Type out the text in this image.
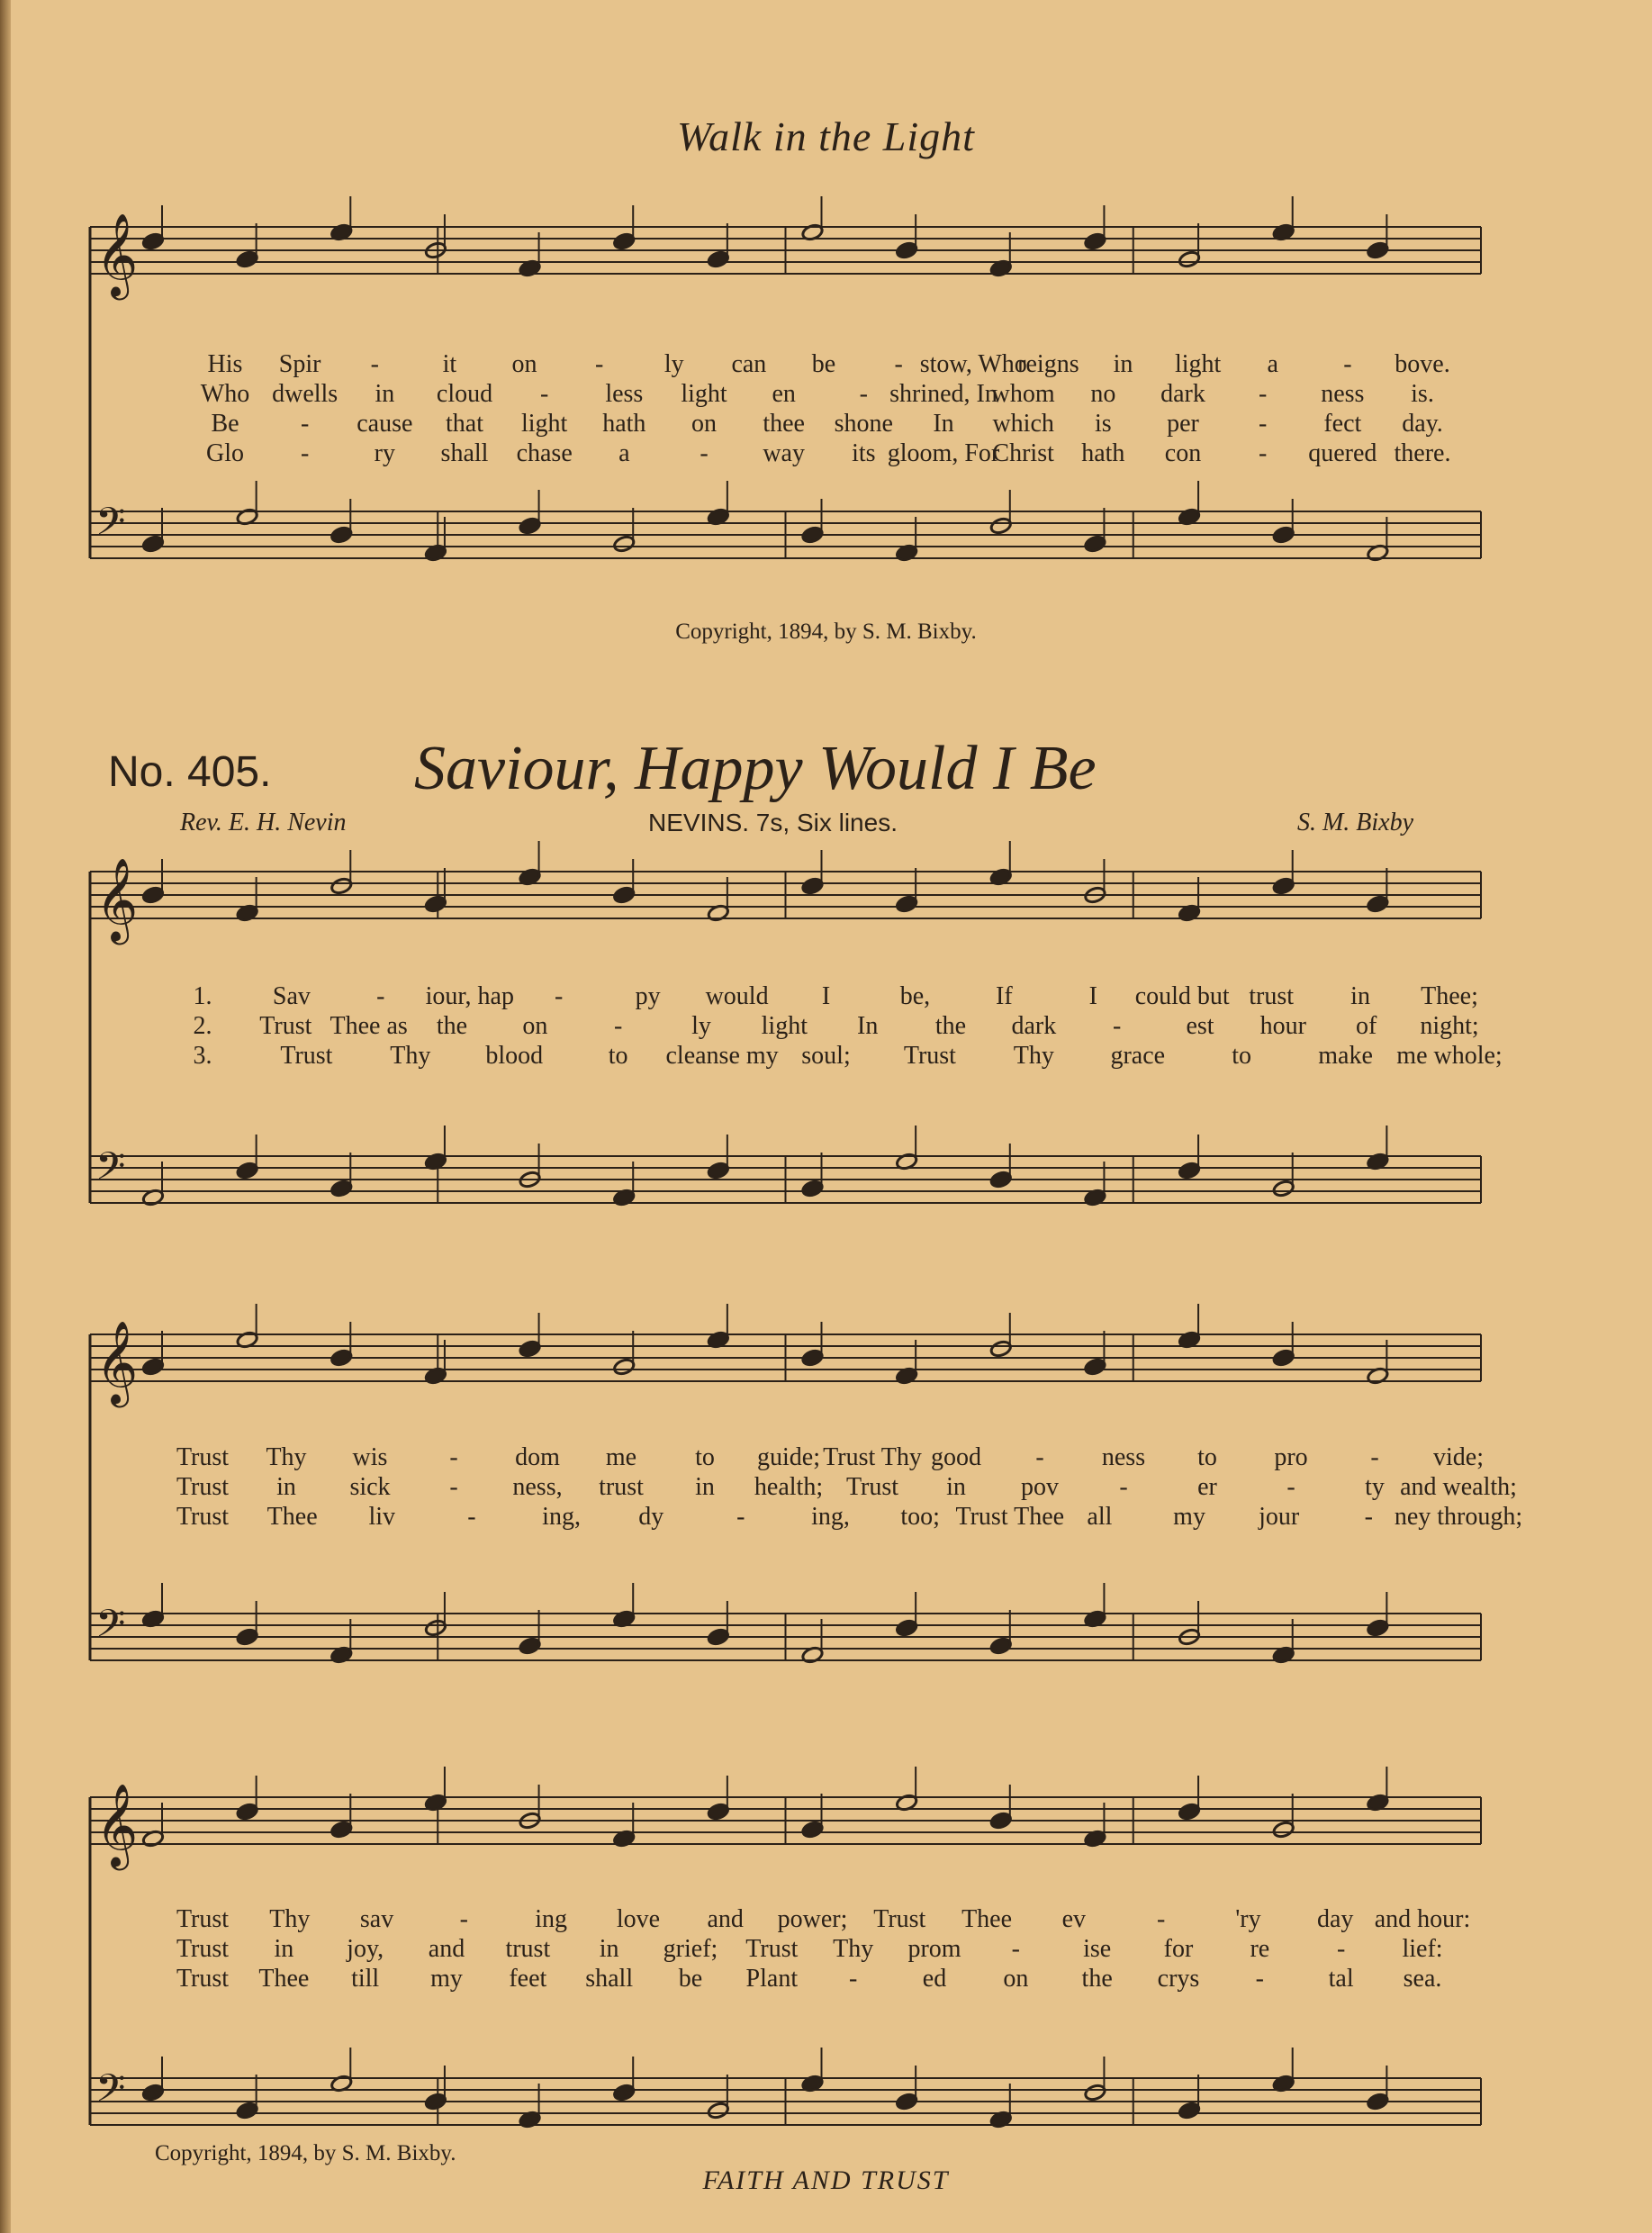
Walk in the Light
𝄞
𝄢
𝄞
𝄢
𝄞
𝄢
𝄞
𝄢
His Spir -	it on - ly can be - stow, Who
reigns in light a	- bove.
Who dwells in cloud - less light en	- shrined, In
whom no dark - ness is.
Be - cause that light hath on thee shone In which is per - fect day.
Glo -	ry shall chase a	- way its gloom, For
Christ hath con - quered there.
Copyright, 1894, by S. M. Bixby.
No. 405. Saviour, Happy Would I Be
Rev. E. H. Nevin	NEVINS. 7s, Six lines.	S. M. Bixby
1. Sav	- iour, hap -	py would I	be,	If	I could but trust in Thee;
2. Trust Thee as the on	-	ly light In the dark -	est hour of night;
3.	Trust Thy blood	to cleanse my soul; Trust Thy grace	to	make me whole;
Trust Thy wis - dom me to guide; Trust Thy good - ness to pro - vide;
Trust in sick - ness, trust in health; Trust in pov -	er	-	ty and wealth;
Trust Thee liv	-	ing, dy	-	ing, too; Trust Thee all my jour	- ney through;
Trust Thy sav	-	ing love and power; Trust Thee ev	-	'ry day and hour:
Trust in joy, and trust in grief; Trust Thy prom -	ise for re	- lief:
Trust Thee till my feet shall be Plant -	ed on the crys -	tal sea.
Copyright, 1894, by S. M. Bixby.
FAITH AND TRUST
